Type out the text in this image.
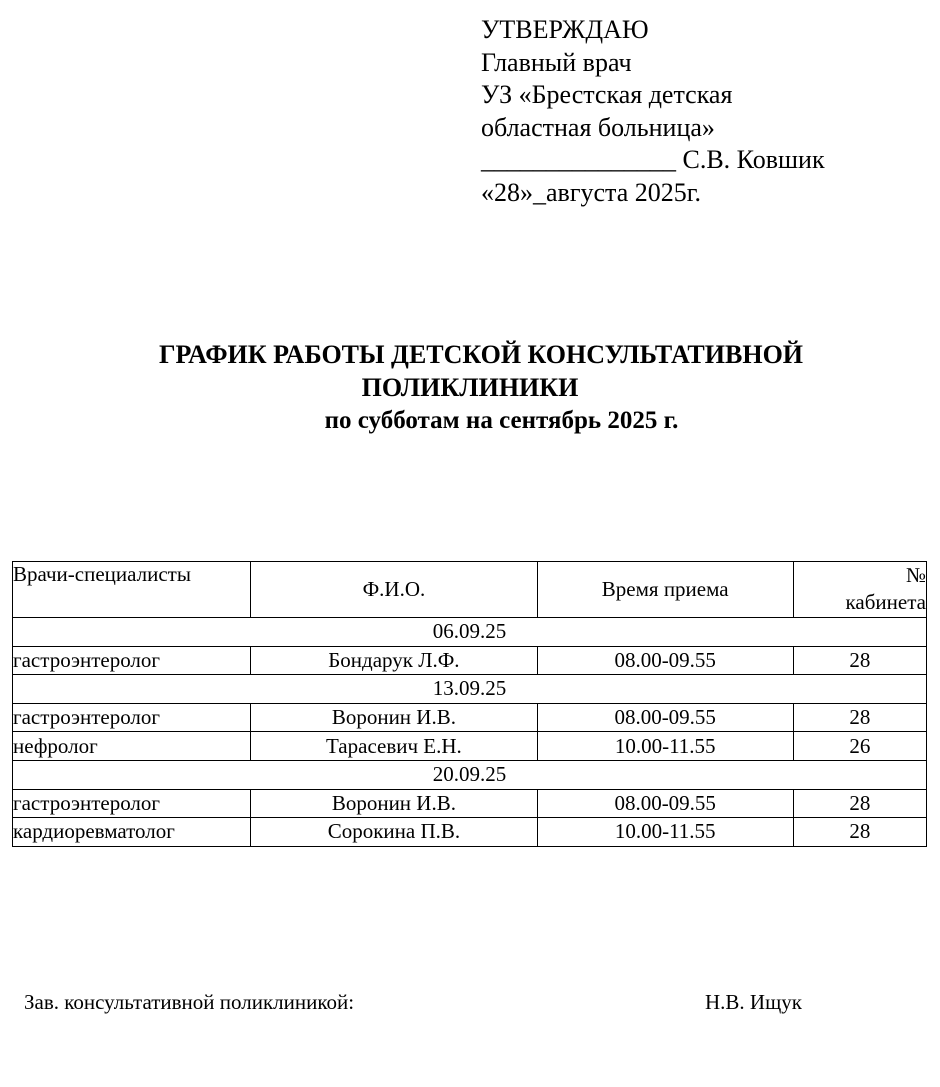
УТВЕРЖДАЮ
Главный врач
УЗ «Брестская детская
областная больница»
_______________ С.В. Ковшик
«28»_августа 2025г.
ГРАФИК РАБОТЫ ДЕТСКОЙ КОНСУЛЬТАТИВНОЙ
ПОЛИКЛИНИКИ
по субботам на сентябрь 2025 г.
Врачи-специалисты	Ф.И.О.	Время приема	№
кабинета
06.09.25			
гастроэнтеролог	Бондарук Л.Ф.	08.00-09.55	28
13.09.25			
гастроэнтеролог	Воронин И.В.	08.00-09.55	28
нефролог	Тарасевич Е.Н.	10.00-11.55	26
20.09.25			
гастроэнтеролог	Воронин И.В.	08.00-09.55	28
кардиоревматолог	Сорокина П.В.	10.00-11.55	28
Зав. консультативной поликлиникой:	Н.В. Ищук
